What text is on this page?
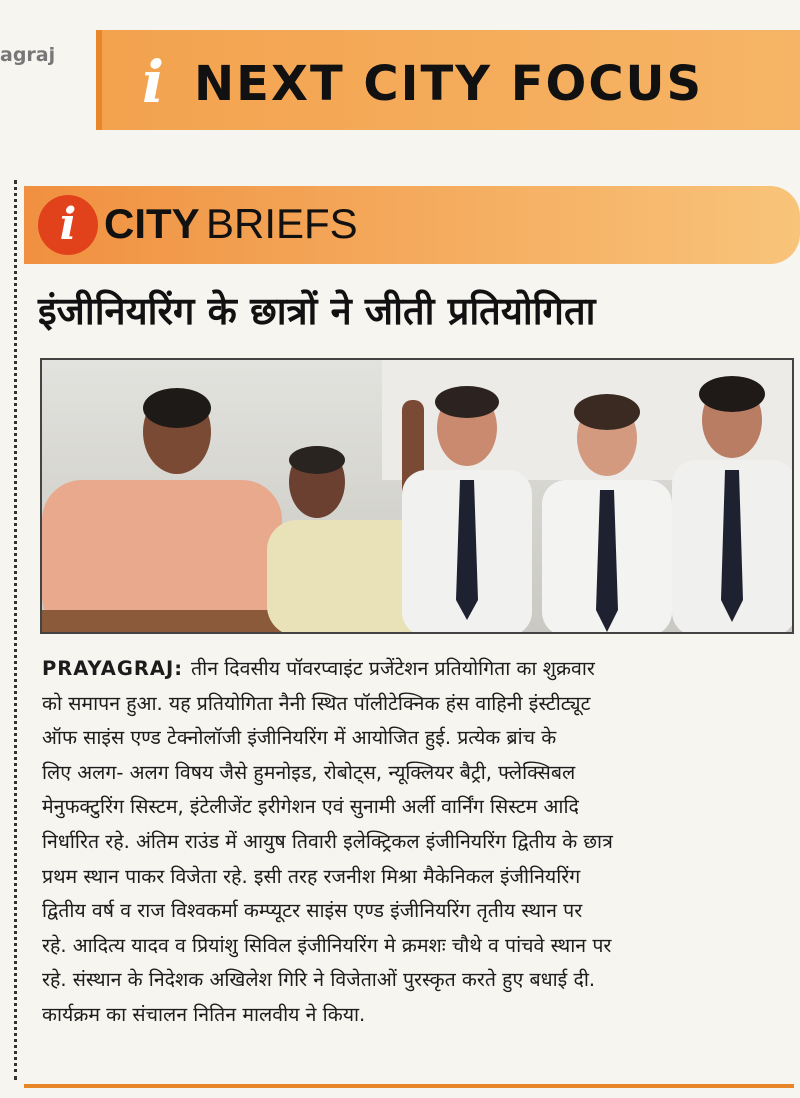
agraj i NEXT CITY FOCUS
i CITY BRIEFS
इंजीनियरिंग के छात्रों ने जीती प्रतियोगिता

PRAYAGRAJ: तीन दिवसीय पॉवरप्वाइंट प्रजेंटेशन प्रतियोगिता का शुक्रवार

को समापन हुआ. यह प्रतियोगिता नैनी स्थित पॉलीटेक्निक हंस वाहिनी इंस्टीट्यूट

ऑफ साइंस एण्ड टेक्नोलॉजी इंजीनियरिंग में आयोजित हुई. प्रत्येक ब्रांच के

लिए अलग- अलग विषय जैसे हुमनोइड, रोबोट्स, न्यूक्लियर बैट्री, फ्लेक्सिबल

मेनुफक्टुरिंग सिस्टम, इंटेलीजेंट इरीगेशन एवं सुनामी अर्ली वार्निंग सिस्टम आदि

निर्धारित रहे. अंतिम राउंड में आयुष तिवारी इलेक्ट्रिकल इंजीनियरिंग द्वितीय के छात्र

प्रथम स्थान पाकर विजेता रहे. इसी तरह रजनीश मिश्रा मैकेनिकल इंजीनियरिंग

द्वितीय वर्ष व राज विश्वकर्मा कम्प्यूटर साइंस एण्ड इंजीनियरिंग तृतीय स्थान पर

रहे. आदित्य यादव व प्रियांशु सिविल इंजीनियरिंग मे क्रमशः चौथे व पांचवे स्थान पर

रहे. संस्थान के निदेशक अखिलेश गिरि ने विजेताओं पुरस्कृत करते हुए बधाई दी.

कार्यक्रम का संचालन नितिन मालवीय ने किया.
